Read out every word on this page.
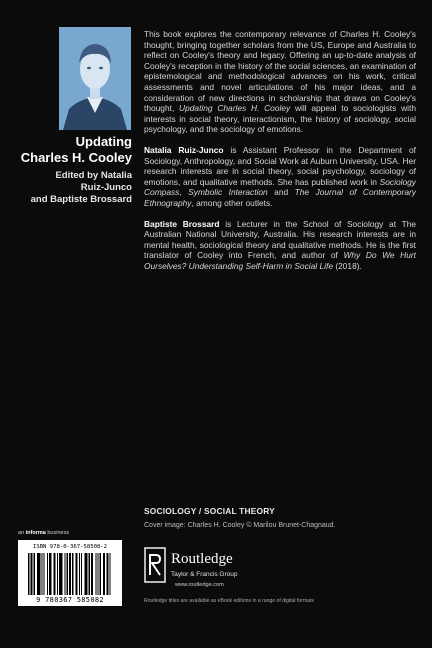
Updating
Charles H. Cooley
Edited by Natalia
Ruiz-Junco
and Baptiste Brossard

This book explores the contemporary relevance of Charles H. Cooley's thought, bringing together scholars from the US, Europe and Australia to reflect on Cooley's theory and legacy. Offering an up-to-date analysis of Cooley's reception in the history of the social sciences, an examination of epistemological and methodological advances on his work, critical assessments and novel articulations of his major ideas, and a consideration of new directions in scholarship that draws on Cooley's thought, Updating Charles H. Cooley will appeal to sociologists with interests in social theory, interactionism, the history of sociology, social psychology, and the sociology of emotions.

Natalia Ruiz-Junco is Assistant Professor in the Department of Sociology, Anthropology, and Social Work at Auburn University, USA. Her research interests are in social theory, social psychology, sociology of emotions, and qualitative methods. She has published work in Sociology Compass, Symbolic Interaction and The Journal of Contemporary Ethnography, among other outlets.

Baptiste Brossard is Lecturer in the School of Sociology at The Australian National University, Australia. His research interests are in mental health, sociological theory and qualitative methods. He is the first translator of Cooley into French, and author of Why Do We Hurt Ourselves? Understanding Self-Harm in Social Life (2018).

SOCIOLOGY / SOCIAL THEORY
Cover image: Charles H. Cooley © Marilou Brunet-Chagnaud.
an informa business
ISBN 978-0-367-58508-2
9 780367 585082
Routledge
Taylor & Francis Group
www.routledge.com
Routledge titles are available as eBook editions in a range of digital formats
